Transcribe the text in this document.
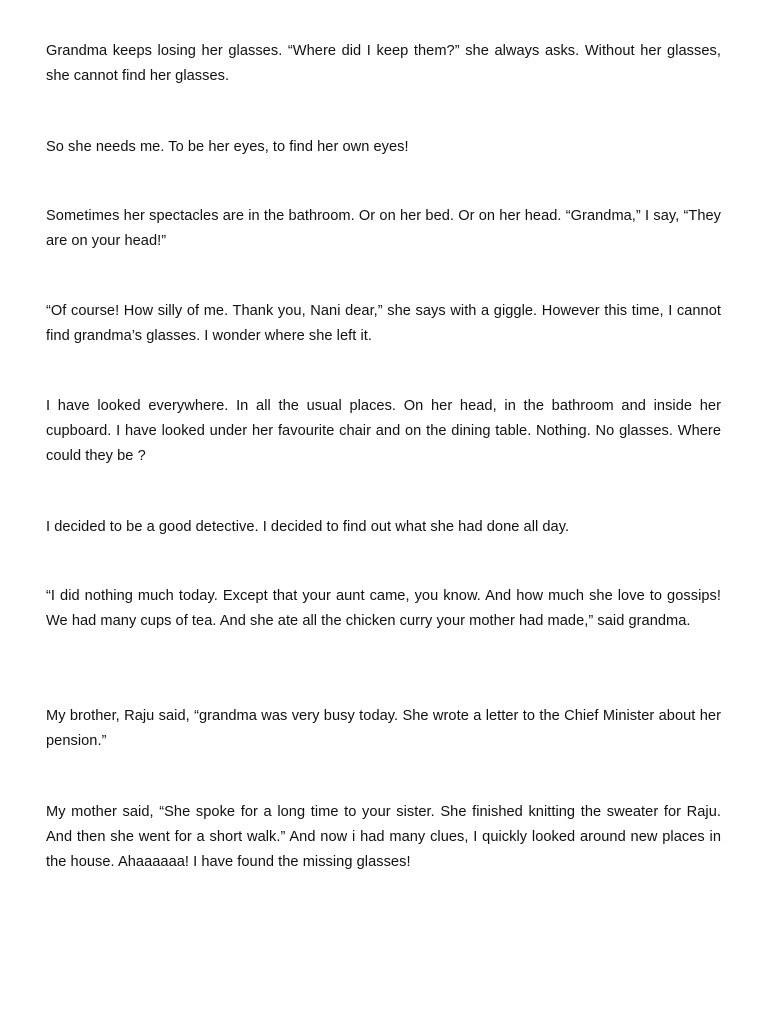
Grandma keeps losing her glasses. “Where did I keep them?” she always asks. Without her glasses, she cannot find her glasses.

So she needs me. To be her eyes, to find her own eyes!

Sometimes her spectacles are in the bathroom. Or on her bed. Or on her head. “Grandma,” I say, “They are on your head!”

“Of course! How silly of me. Thank you, Nani dear,” she says with a giggle. However this time, I cannot find grandma’s glasses. I wonder where she left it.

I have looked everywhere. In all the usual places. On her head, in the bathroom and inside her cupboard. I have looked under her favourite chair and on the dining table. Nothing. No glasses. Where could they be ?

I decided to be a good detective. I decided to find out what she had done all day.

“I did nothing much today. Except that your aunt came, you know. And how much she love to gossips! We had many cups of tea. And she ate all the chicken curry your mother had made,” said grandma.

My brother, Raju said, “grandma was very busy today. She wrote a letter to the Chief Minister about her pension.”

My mother said, “She spoke for a long time to your sister. She finished knitting the sweater for Raju. And then she went for a short walk.” And now i had many clues, I quickly looked around new places in the house. Ahaaaaaa! I have found the missing glasses!
